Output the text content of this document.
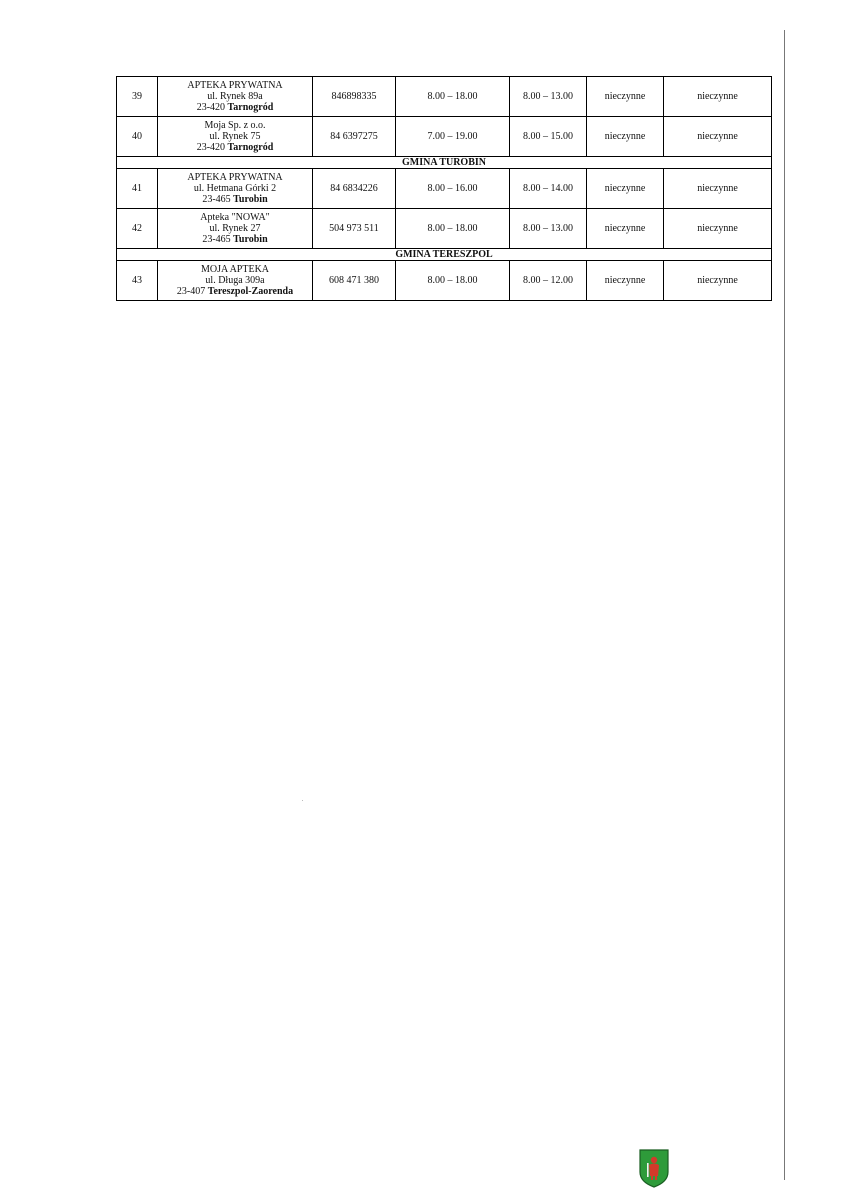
39	APTEKA PRYWATNA
ul. Rynek 89a
23-420 Tarnogród	846898335	8.00 – 18.00	8.00 – 13.00	nieczynne	nieczynne
40	Moja Sp. z o.o.
ul. Rynek 75
23-420 Tarnogród	84 6397275	7.00 – 19.00	8.00 – 15.00	nieczynne	nieczynne
GMINA TUROBIN						
41	APTEKA PRYWATNA
ul. Hetmana Górki 2
23-465 Turobin	84 6834226	8.00 – 16.00	8.00 – 14.00	nieczynne	nieczynne
42	Apteka "NOWA"
ul. Rynek 27
23-465 Turobin	504 973 511	8.00 – 18.00	8.00 – 13.00	nieczynne	nieczynne
GMINA TERESZPOL						
43	MOJA APTEKA
ul. Długa 309a
23-407 Tereszpol-Zaorenda	608 471 380	8.00 – 18.00	8.00 – 12.00	nieczynne	nieczynne
